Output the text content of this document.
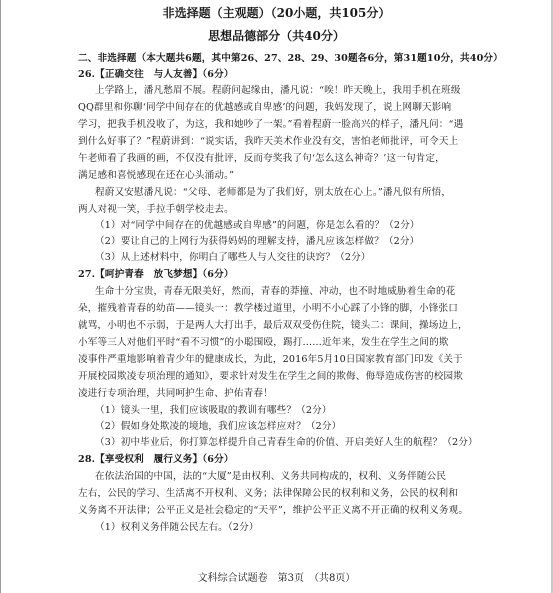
非选择题（主观题）（20小题，共105分）
思想品德部分（共40分）
二、非选择题（本大题共6题，其中第26、27、28、29、30题各6分，第31题10分，共40分）
26.【正确交往　与人友善】（6分）
上学路上，潘凡愁眉不展。程蔚问起缘由，潘凡说：“唉！昨天晚上，我用手机在班级
QQ群里和你聊‘同学中间存在的优越感或自卑感’的问题，我妈发现了，说上网聊天影响
学习，把我手机没收了，为这，我和她吵了一架。”看着程蔚一脸高兴的样子，潘凡问：“遇
到什么好事了？”程蔚讲到：“说实话，我昨天美术作业没有交，害怕老师批评，可令天上
午老师看了我画的画，不仅没有批评，反而夸奖我了句‘怎么这么神奇？’这一句肯定，
满足感和喜悦感现在还在心头涌动。”
程蔚又安慰潘凡说：“父母、老师都是为了我们好，别太放在心上。”潘凡似有所悟，
两人对视一笑，手拉手朝学校走去。
（1）对“同学中间存在的优越感或自卑感”的问题，你是怎么看的？（2分）
（2）要让自己的上网行为获得妈妈的理解支持，潘凡应该怎样做？（2分）
（3）从上述材料中，你明白了哪些人与人交往的诀窍？（2分）
27.【呵护青春　放飞梦想】（6分）
生命十分宝贵，青春无限美好，然而，青春的莽撞、冲动，也不时地威胁着生命的花
朵，摧残着青春的幼苗——镜头一：教学楼过道里，小明不小心踩了小锋的脚，小锋张口
就骂，小明也不示弱，于是两人大打出手，最后双双受伤住院，镜头二：课间，操场边上，
小军等三人对他们平时“看不习惯”的小聪围殴，踢打……近年来，发生在学生之间的欺
凌事件严重地影响着青少年的健康成长，为此，2016年5月10日国家教育部门印发《关于
开展校园欺凌专项治理的通知》，要求针对发生在学生之间的欺侮、侮辱造成伤害的校园欺
凌进行专项治理，共同呵护生命、护佑青春！
（1）镜头一里，我们应该吸取的教训有哪些？（2分）
（2）假如身处欺凌的境地，我们应该怎样应对？（2分）
（3）初中毕业后，你打算怎样提升自己青春生命的价值、开启美好人生的航程？（2分）
28.【享受权利　履行义务】（6分）
在依法治国的中国，法的“大厦”是由权利、义务共同构成的，权利、义务伴随公民
左右，公民的学习、生活离不开权利、义务；法律保障公民的权利和义务，公民的权利和
义务离不开法律；公平正义是社会稳定的“天平”，维护公平正义离不开正确的权利义务观。
（1）权利义务伴随公民左右。（2分）
文科综合试题卷　第3页　（共8页）
